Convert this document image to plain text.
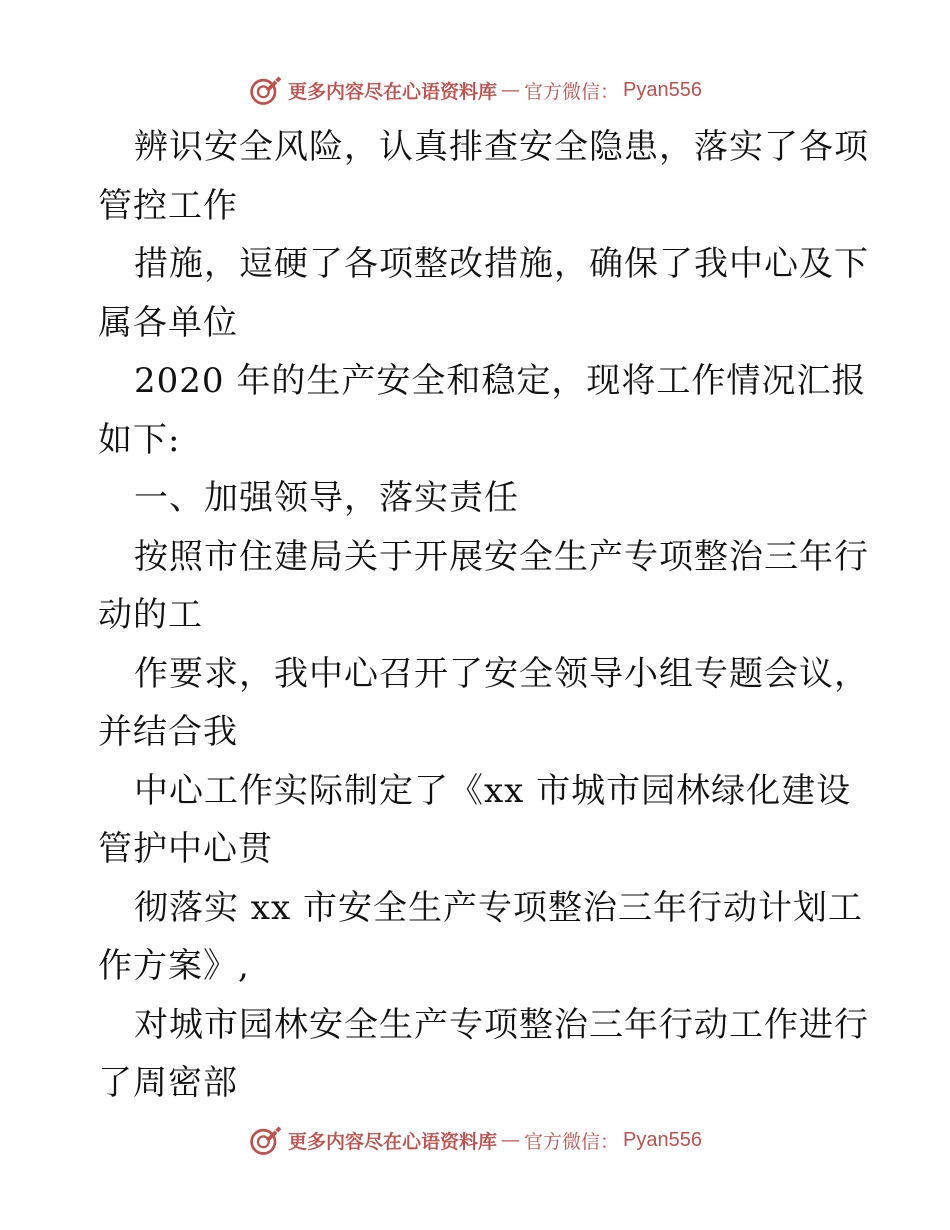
更多内容尽在心语资料库 — 官方微信： Pyan556
辨识安全风险，认真排查安全隐患，落实了各项
管控工作
措施，逗硬了各项整改措施，确保了我中心及下
属各单位
2020 年的生产安全和稳定，现将工作情况汇报
如下:
一、加强领导，落实责任
按照市住建局关于开展安全生产专项整治三年行
动的工
作要求，我中心召开了安全领导小组专题会议，
并结合我
中心工作实际制定了《xx 市城市园林绿化建设
管护中心贯
彻落实 xx 市安全生产专项整治三年行动计划工
作方案》,
对城市园林安全生产专项整治三年行动工作进行
了周密部
更多内容尽在心语资料库 — 官方微信： Pyan556
